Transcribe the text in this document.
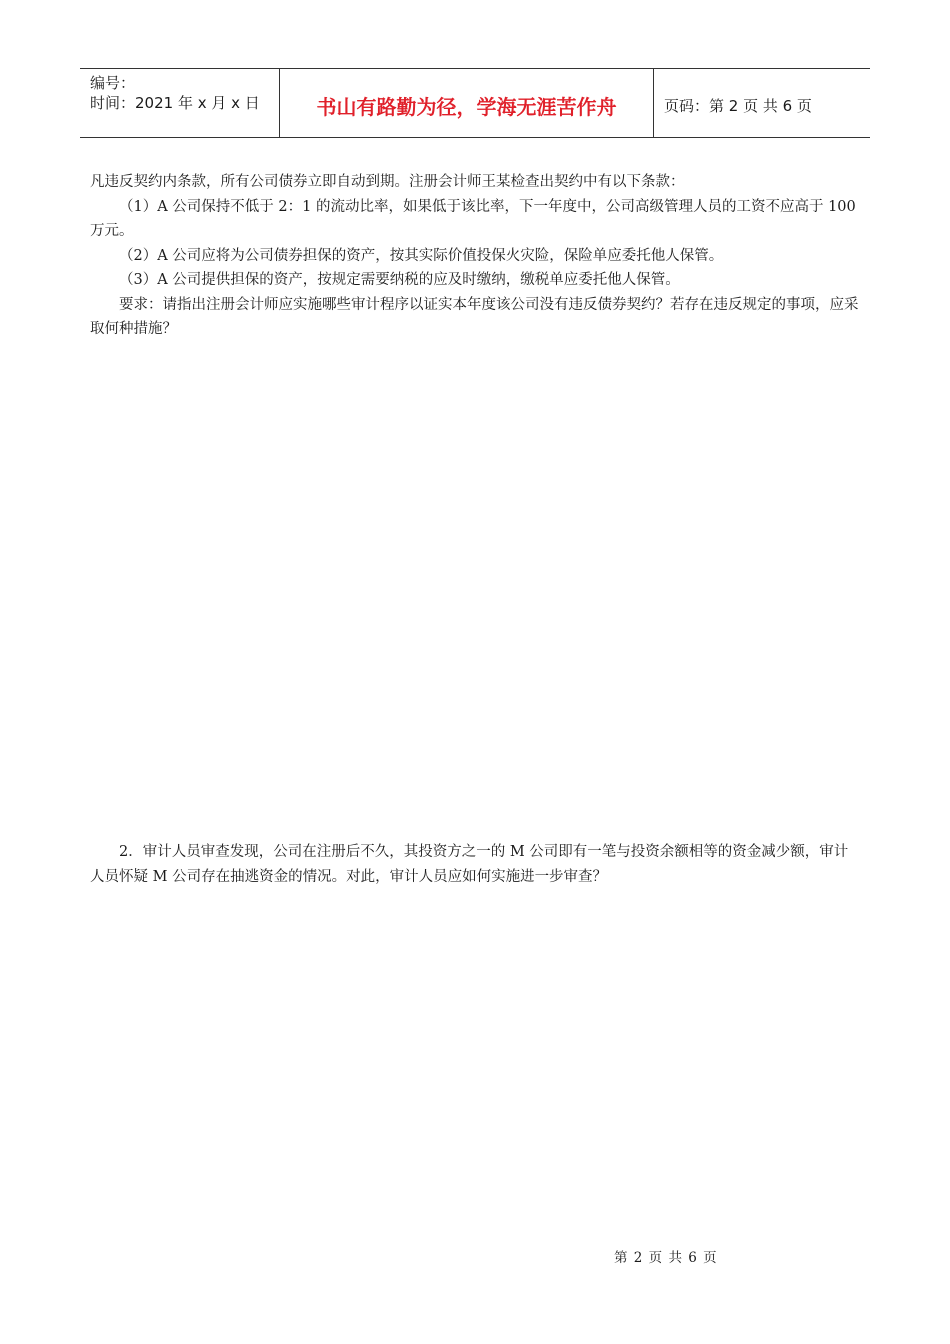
编号：
时间：2021 年 x 月 x 日	书山有路勤为径，学海无涯苦作舟	页码：第 2 页 共 6 页

凡违反契约内条款，所有公司债券立即自动到期。注册会计师王某检查出契约中有以下条款：

（1）A 公司保持不低于 2：1 的流动比率，如果低于该比率，下一年度中，公司高级管理人员的工资不应高于 100 万元。

（2）A 公司应将为公司债券担保的资产，按其实际价值投保火灾险，保险单应委托他人保管。

（3）A 公司提供担保的资产，按规定需要纳税的应及时缴纳，缴税单应委托他人保管。

要求：请指出注册会计师应实施哪些审计程序以证实本年度该公司没有违反债券契约？若存在违反规定的事项，应采取何种措施？

2．审计人员审查发现，公司在注册后不久，其投资方之一的 M 公司即有一笔与投资余额相等的资金减少额，审计人员怀疑 M 公司存在抽逃资金的情况。对此，审计人员应如何实施进一步审查？

第 2 页 共 6 页
